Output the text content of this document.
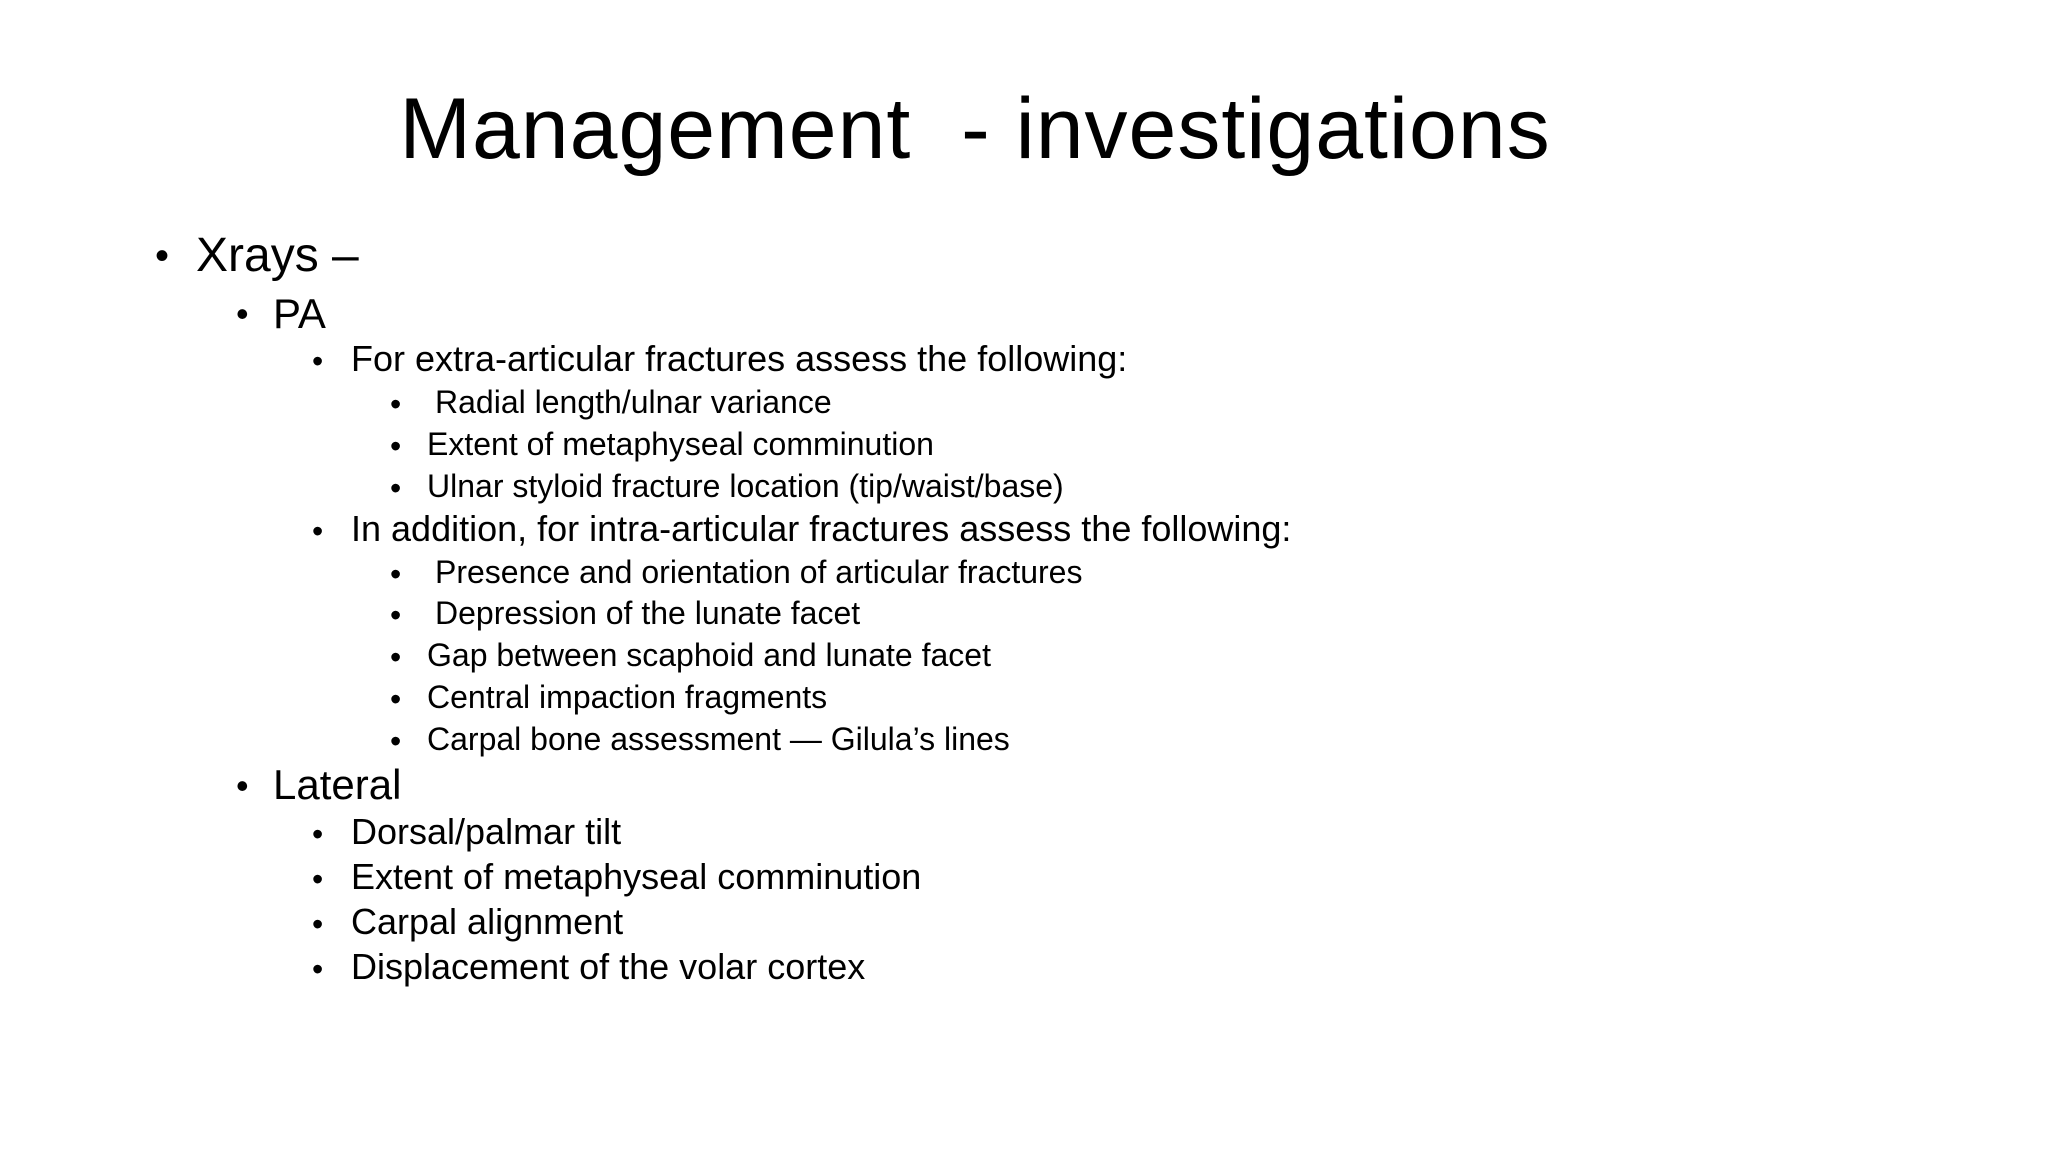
Management  - investigations
• Xrays –
• PA
• For extra-articular fractures assess the following:
• Radial length/ulnar variance
• Extent of metaphyseal comminution
• Ulnar styloid fracture location (tip/waist/base)
• In addition, for intra-articular fractures assess the following:
• Presence and orientation of articular fractures
• Depression of the lunate facet
• Gap between scaphoid and lunate facet
• Central impaction fragments
• Carpal bone assessment — Gilula’s lines
• Lateral
• Dorsal/palmar tilt
• Extent of metaphyseal comminution
• Carpal alignment
• Displacement of the volar cortex
